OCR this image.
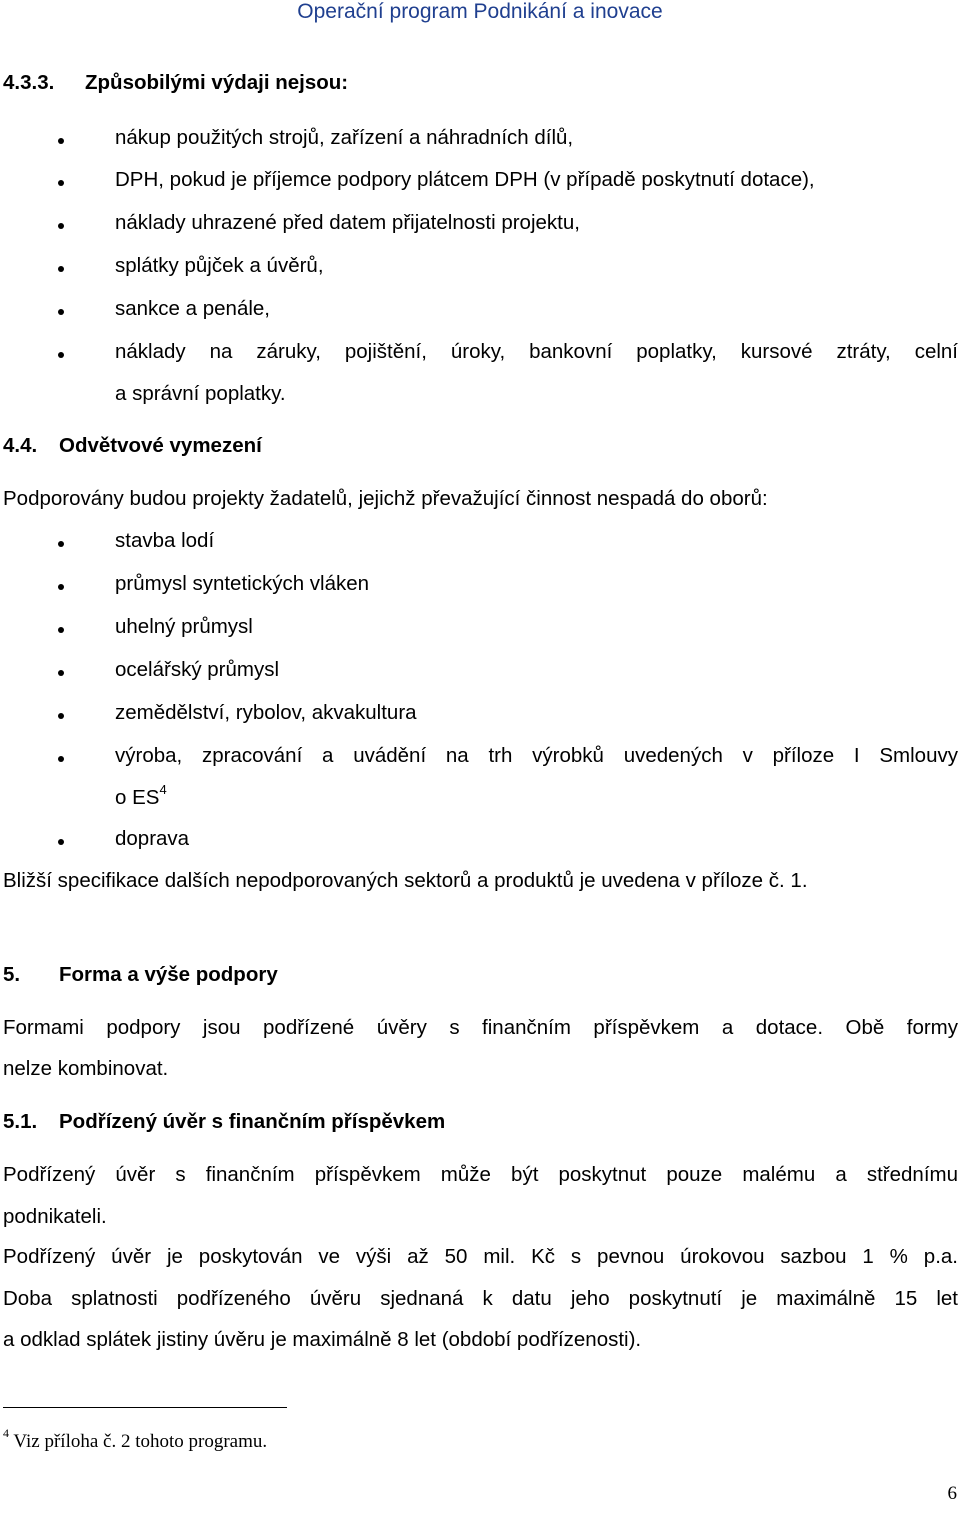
Operační program Podnikání a inovace
4.3.3. Způsobilými výdaji nejsou:
nákup použitých strojů, zařízení a náhradních dílů,
DPH, pokud je příjemce podpory plátcem DPH (v případě poskytnutí dotace),
náklady uhrazené před datem přijatelnosti projektu,
splátky půjček a úvěrů,
sankce a penále,
náklady na záruky, pojištění, úroky, bankovní poplatky, kursové ztráty, celní
a správní poplatky.
4.4. Odvětvové vymezení
Podporovány budou projekty žadatelů, jejichž převažující činnost nespadá do oborů:
stavba lodí
průmysl syntetických vláken
uhelný průmysl
ocelářský průmysl
zemědělství, rybolov, akvakultura
výroba, zpracování a uvádění na trh výrobků uvedených v příloze I Smlouvy
o $ES^4$
doprava
Bližší specifikace dalších nepodporovaných sektorů a produktů je uvedena v příloze č. 1.
5. Forma a výše podpory
Formami podpory jsou podřízené úvěry s finančním příspěvkem a dotace. Obě formy
nelze kombinovat.
5.1. Podřízený úvěr s finančním příspěvkem
Podřízený úvěr s finančním příspěvkem může být poskytnut pouze malému a střednímu
podnikateli.
Podřízený úvěr je poskytován ve výši až 50 mil. Kč s pevnou úrokovou sazbou 1 % p.a.
Doba splatnosti podřízeného úvěru sjednaná k datu jeho poskytnutí je maximálně 15 let
a odklad splátek jistiny úvěru je maximálně 8 let (období podřízenosti).
$^4$ Viz příloha č. 2 tohoto programu.
6
